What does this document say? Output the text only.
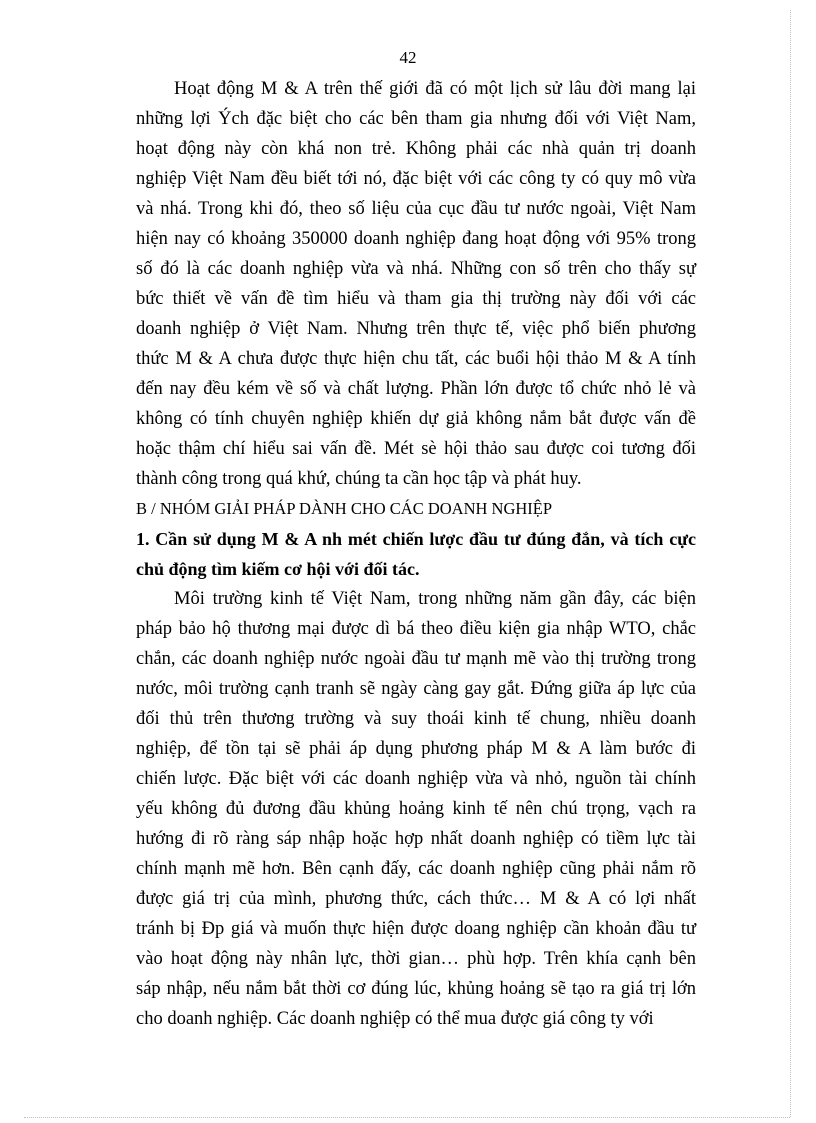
42
Hoạt động M & A trên thế giới đã có một lịch sử lâu đời mang lại
những lợi Ých đặc biệt cho các bên tham gia nhưng đối với Việt Nam,
hoạt động này còn khá non trẻ. Không phải các nhà quản trị doanh
nghiệp Việt Nam đều biết tới nó, đặc biệt với các công ty có quy mô vừa
và nhá. Trong khi đó, theo số liệu của cục đầu tư nước ngoài, Việt Nam
hiện nay có khoảng 350000 doanh nghiệp đang hoạt động với 95% trong
số đó là các doanh nghiệp vừa và nhá. Những con số trên cho thấy sự
bức thiết về vấn đề tìm hiểu và tham gia thị trường này đối với các
doanh nghiệp ở Việt Nam. Nhưng trên thực tế, việc phổ biến phương
thức M & A chưa được thực hiện chu tất, các buổi hội thảo M & A tính
đến nay đều kém về số và chất lượng. Phần lớn được tổ chức nhỏ lẻ và
không có tính chuyên nghiệp khiến dự giả không nắm bắt được vấn đề
hoặc thậm chí hiểu sai vấn đề. Mét sè hội thảo sau được coi tương đối
thành công trong quá khứ, chúng ta cần học tập và phát huy.
B / NHÓM GIẢI PHÁP DÀNH CHO CÁC DOANH NGHIỆP
1. Cần sử dụng M & A nh mét chiến lược đầu tư đúng đắn, và tích cực
chủ động tìm kiếm cơ hội với đối tác.
Môi trường kinh tế Việt Nam, trong những năm gần đây, các biện
pháp bảo hộ thương mại được dì bá theo điều kiện gia nhập WTO, chắc
chắn, các doanh nghiệp nước ngoài đầu tư mạnh mẽ vào thị trường trong
nước, môi trường cạnh tranh sẽ ngày càng gay gắt. Đứng giữa áp lực của
đối thủ trên thương trường và suy thoái kinh tế chung, nhiều doanh
nghiệp, để tồn tại sẽ phải áp dụng phương pháp M & A làm bước đi
chiến lược. Đặc biệt với các doanh nghiệp vừa và nhỏ, nguồn tài chính
yếu không đủ đương đầu khủng hoảng kinh tế nên chú trọng, vạch ra
hướng đi rõ ràng sáp nhập hoặc hợp nhất doanh nghiệp có tiềm lực tài
chính mạnh mẽ hơn. Bên cạnh đấy, các doanh nghiệp cũng phải nắm rõ
được giá trị của mình, phương thức, cách thức… M & A có lợi nhất
tránh bị Đp giá và muốn thực hiện được doang nghiệp cần khoản đầu tư
vào hoạt động này nhân lực, thời gian… phù hợp. Trên khía cạnh bên
sáp nhập, nếu nắm bắt thời cơ đúng lúc, khủng hoảng sẽ tạo ra giá trị lớn
cho doanh nghiệp. Các doanh nghiệp có thể mua được giá công ty với
